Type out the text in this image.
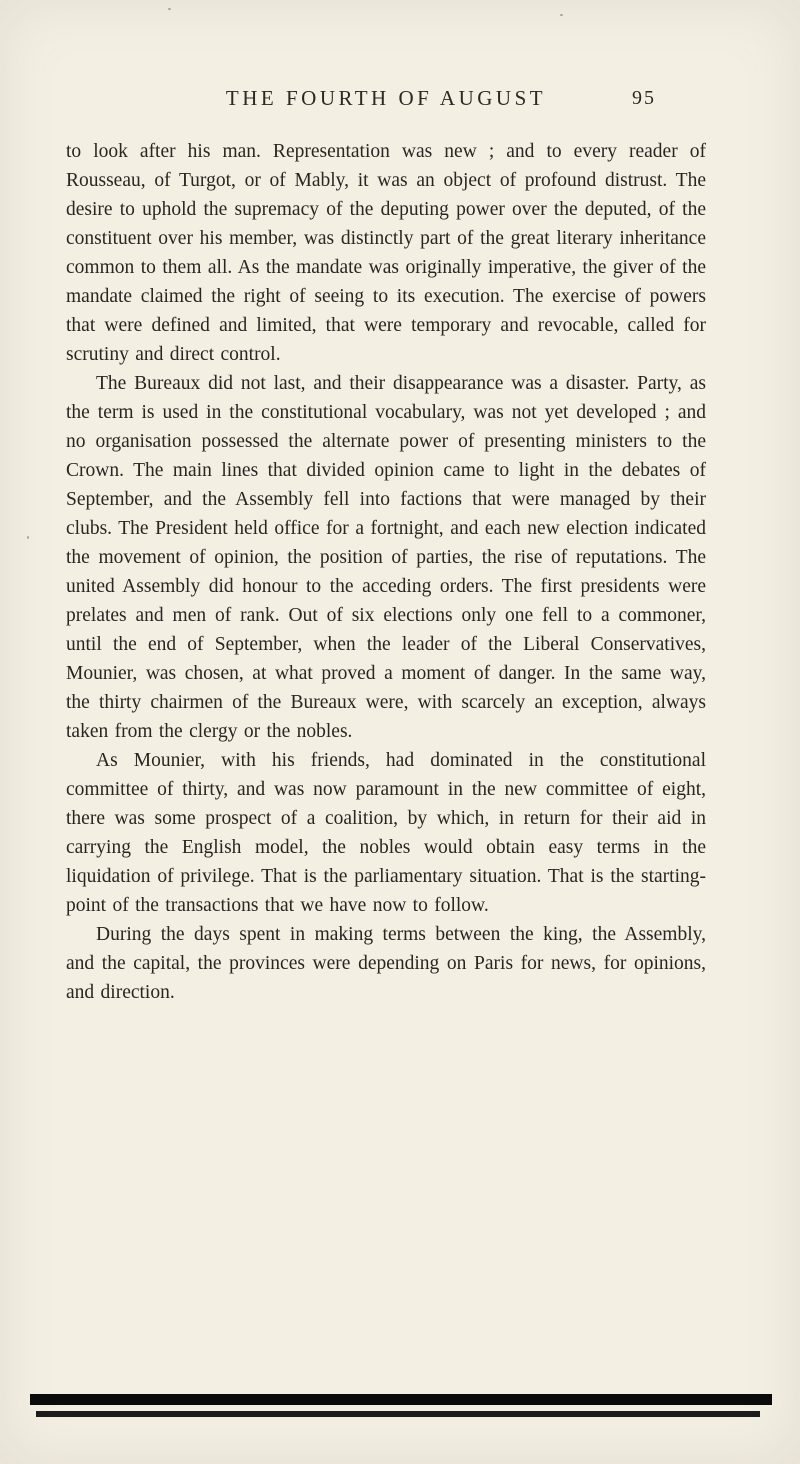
THE FOURTH OF AUGUST	95

to look after his man. Representation was new ; and to every reader of Rousseau, of Turgot, or of Mably, it was an object of profound distrust. The desire to uphold the supremacy of the deputing power over the deputed, of the constituent over his member, was distinctly part of the great literary inheritance common to them all. As the mandate was originally imperative, the giver of the mandate claimed the right of seeing to its execution. The exercise of powers that were defined and limited, that were temporary and revocable, called for scrutiny and direct control.

The Bureaux did not last, and their disappearance was a disaster. Party, as the term is used in the constitutional vocabulary, was not yet developed ; and no organisation possessed the alternate power of presenting ministers to the Crown. The main lines that divided opinion came to light in the debates of September, and the Assembly fell into factions that were managed by their clubs. The President held office for a fortnight, and each new election indicated the movement of opinion, the position of parties, the rise of reputations. The united Assembly did honour to the acceding orders. The first presidents were prelates and men of rank. Out of six elections only one fell to a commoner, until the end of September, when the leader of the Liberal Conservatives, Mounier, was chosen, at what proved a moment of danger. In the same way, the thirty chairmen of the Bureaux were, with scarcely an exception, always taken from the clergy or the nobles.

As Mounier, with his friends, had dominated in the constitutional committee of thirty, and was now paramount in the new committee of eight, there was some prospect of a coalition, by which, in return for their aid in carrying the English model, the nobles would obtain easy terms in the liquidation of privilege. That is the parliamentary situation. That is the starting-point of the transactions that we have now to follow.

During the days spent in making terms between the king, the Assembly, and the capital, the provinces were depending on Paris for news, for opinions, and direction.
